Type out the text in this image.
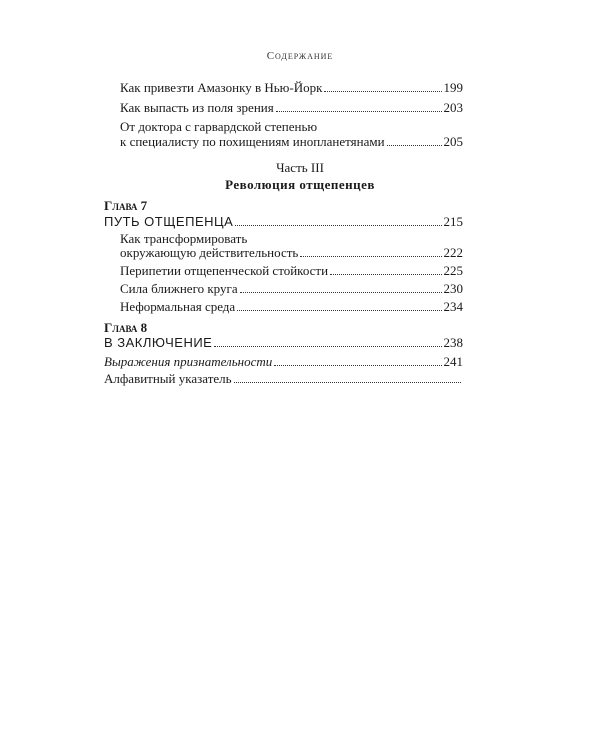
Содержание
Как привезти Амазонку в Нью-Йорк	199
Как выпасть из поля зрения	203
От доктора с гарвардской степенью
к специалисту по похищениям инопланетянами	205
Часть III
Революция отщепенцев
Глава 7
ПУТЬ ОТЩЕПЕНЦА	215
Как трансформировать
окружающую действительность	222
Перипетии отщепенческой стойкости	225
Сила ближнего круга	230
Неформальная среда	234
Глава 8
В ЗАКЛЮЧЕНИЕ	238
Выражения признательности	241
Алфавитный указатель
